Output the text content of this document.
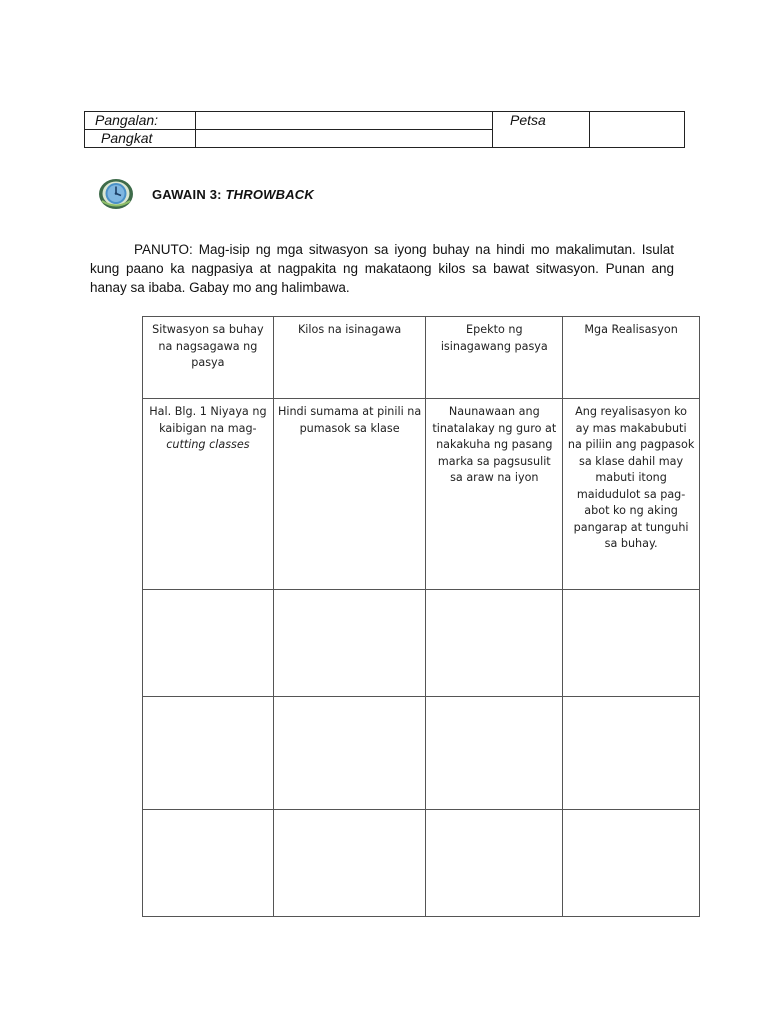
Pangalan:		Petsa	
Pangkat			
GAWAIN 3: THROWBACK

PANUTO: Mag-isip ng mga sitwasyon sa iyong buhay na hindi mo makalimutan. Isulat kung paano ka nagpasiya at nagpakita ng makataong kilos sa bawat sitwasyon. Punan ang hanay sa ibaba. Gabay mo ang halimbawa.

Sitwasyon sa buhay na nagsagawa ng pasya	Kilos na isinagawa	Epekto ng isinagawang pasya	Mga Realisasyon
Hal. Blg. 1 Niyaya ng kaibigan na mag-cutting classes	Hindi sumama at pinili na pumasok sa klase	Naunawaan ang tinatalakay ng guro at nakakuha ng pasang marka sa pagsusulit sa araw na iyon	Ang reyalisasyon ko ay mas makabubuti na piliin ang pagpasok sa klase dahil may mabuti itong maidudulot sa pag-abot ko ng aking pangarap at tunguhi sa buhay.
